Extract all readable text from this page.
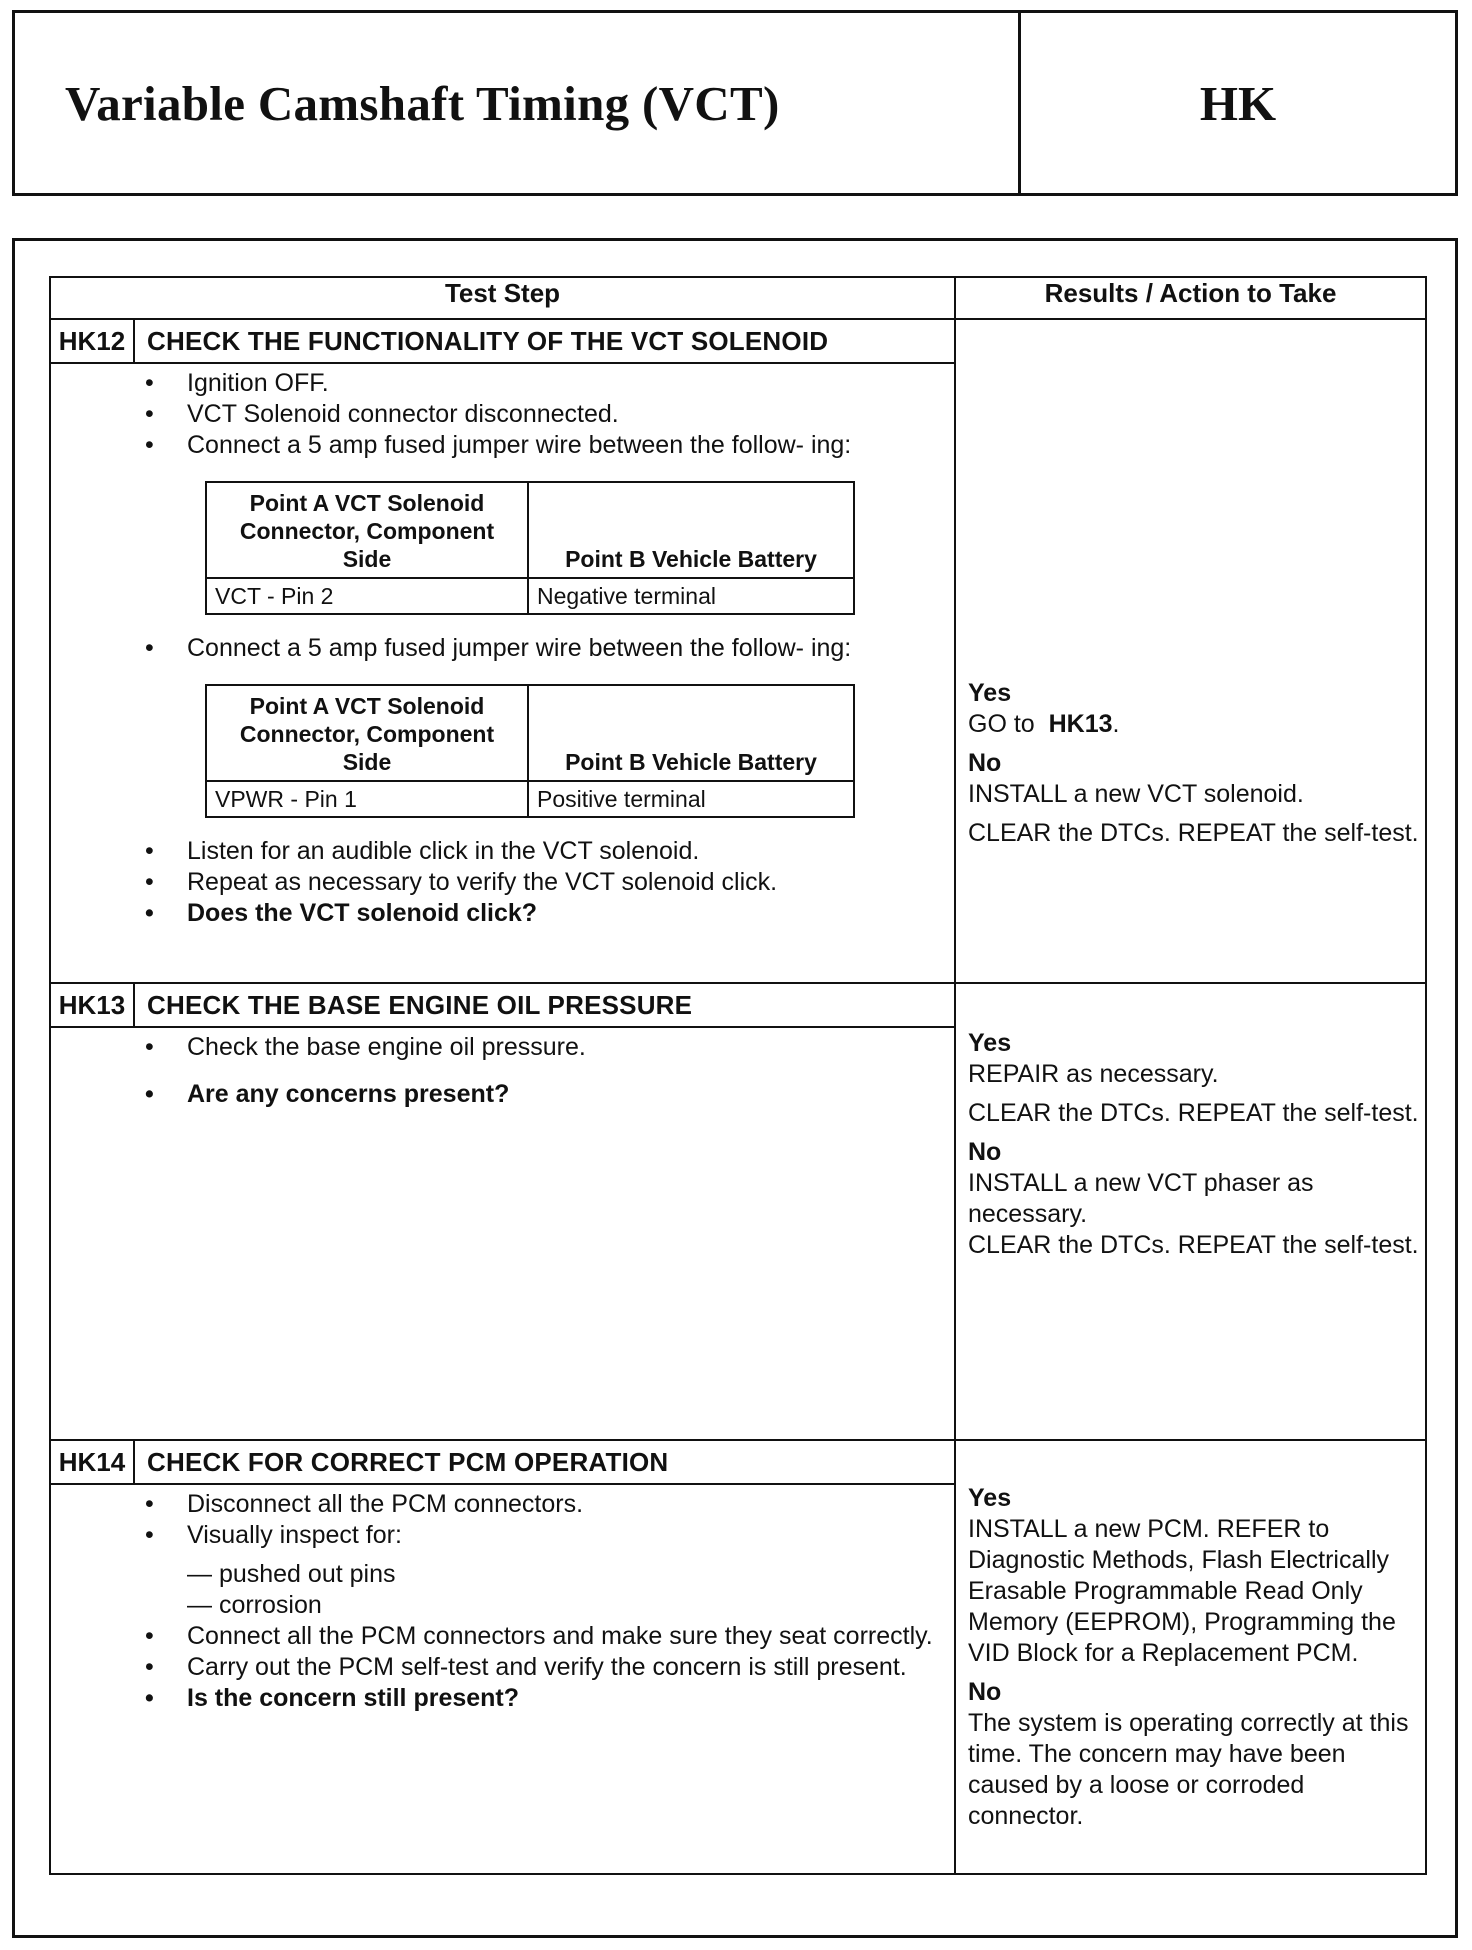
Variable Camshaft Timing (VCT)	HK
Test Step	Results / Action to Take

HK12 CHECK THE FUNCTIONALITY OF THE VCT SOLENOID

• Ignition OFF.

• VCT Solenoid connector disconnected.

• Connect a 5 amp fused jumper wire between the follow- ing:

Point A VCT Solenoid Connector, Component Side	Point B Vehicle Battery
VCT - Pin 2	Negative terminal

• Connect a 5 amp fused jumper wire between the follow- ing:

Point A VCT Solenoid Connector, Component Side	Point B Vehicle Battery
VPWR - Pin 1	Positive terminal

• Listen for an audible click in the VCT solenoid.

• Repeat as necessary to verify the VCT solenoid click.

• Does the VCT solenoid click?

Yes

GO to HK13.

No

INSTALL a new VCT solenoid.

CLEAR the DTCs. REPEAT the self-test.

HK13 CHECK THE BASE ENGINE OIL PRESSURE

• Check the base engine oil pressure.

• Are any concerns present?

Yes

REPAIR as necessary.

CLEAR the DTCs. REPEAT the self-test.

No

INSTALL a new VCT phaser as necessary.

CLEAR the DTCs. REPEAT the self-test.

HK14 CHECK FOR CORRECT PCM OPERATION

• Disconnect all the PCM connectors.

• Visually inspect for:

— pushed out pins

— corrosion

• Connect all the PCM connectors and make sure they seat correctly.

• Carry out the PCM self-test and verify the concern is still present.

• Is the concern still present?

Yes

INSTALL a new PCM. REFER to Diagnostic Methods, Flash Electrically Erasable Programmable Read Only Memory (EEPROM), Programming the VID Block for a Replacement PCM.

No

The system is operating correctly at this time. The concern may have been caused by a loose or corroded connector.
